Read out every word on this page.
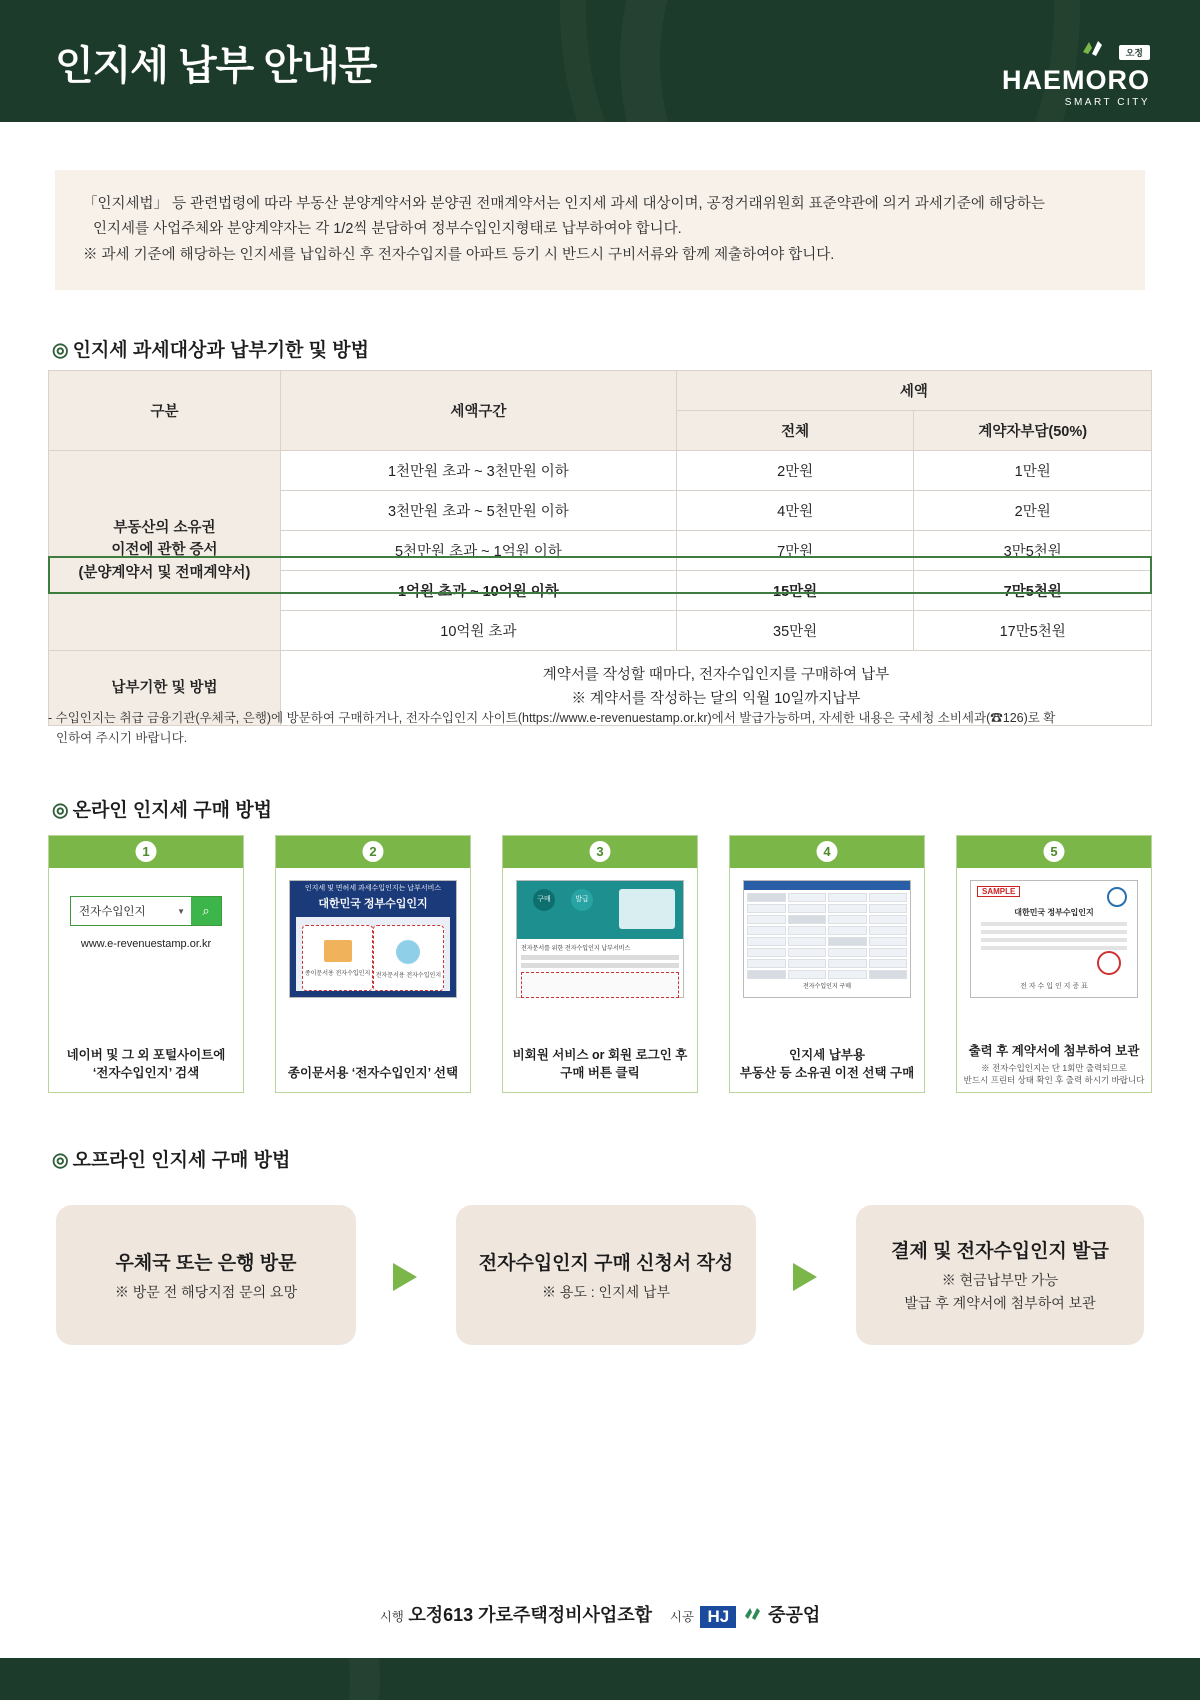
인지세 납부 안내문	오정
HAEMORO
SMART CITY

「인지세법」 등 관련법령에 따라 부동산 분양계약서와 분양권 전매계약서는 인지세 과세 대상이며, 공정거래위원회 표준약관에 의거 과세기준에 해당하는

인지세를 사업주체와 분양계약자는 각 1/2씩 분담하여 정부수입인지형태로 납부하여야 합니다.

※ 과세 기준에 해당하는 인지세를 납입하신 후 전자수입지를 아파트 등기 시 반드시 구비서류와 함께 제출하여야 합니다.

◎ 인지세 과세대상과 납부기한 및 방법
구분	세액구간	세액	
		전체	계약자부담(50%)

부동산의 소유권
이전에 관한 증서
(분양계약서 및 전매계약서)	1천만원 초과 ~ 3천만원 이하	2만원	1만원
	3천만원 초과 ~ 5천만원 이하	4만원	2만원
	5천만원 초과 ~ 1억원 이하	7만원	3만5천원
	1억원 초과 ~ 10억원 이하	15만원	7만5천원
	10억원 초과	35만원	17만5천원
납부기한 및 방법	계약서를 작성할 때마다, 전자수입인지를 구매하여 납부
※ 계약서를 작성하는 달의 익월 10일까지납부		
- 수입인지는 취급 금융기관(우체국, 은행)에 방문하여 구매하거나, 전자수입인지 사이트(https://www.e-revenuestamp.or.kr)에서 발급가능하며, 자세한 내용은 국세청 소비세과(☎126)로 확
인하여 주시기 바랍니다.
◎ 온라인 인지세 구매 방법
1
전자수입인지	▼	⌕
www.e-revenuestamp.or.kr
네이버 및 그 외 포털사이트에
‘전자수입인지’ 검색
2
인지세 및 면허세 과세수입인지는 납부서비스
대한민국 정부수입인지
종이문서용 전자수입인지 전자문서용 전자수입인지
종이문서용 ‘전자수입인지’ 선택
3
구매	발급
전자문서를 위한 전자수입인지 납부서비스
비회원 서비스 or 회원 로그인 후
구매 버튼 클릭
4
전자수입인지 구매
인지세 납부용
부동산 등 소유권 이전 선택 구매
5
SAMPLE
대한민국 정부수입인지
전 자 수 입 인 지 증 표
출력 후 계약서에 첨부하여 보관
※ 전자수입인지는 단 1회만 출력되므로
반드시 프린터 상태 확인 후 출력 하시기 바랍니다
◎ 오프라인 인지세 구매 방법
우체국 또는 은행 방문
※ 방문 전 해당지점 문의 요망
전자수입인지 구매 신청서 작성
※ 용도 : 인지세 납부
결제 및 전자수입인지 발급
※ 현금납부만 가능
발급 후 계약서에 첨부하여 보관
시행 오정613 가로주택정비사업조합 시공 HJ 중공업
